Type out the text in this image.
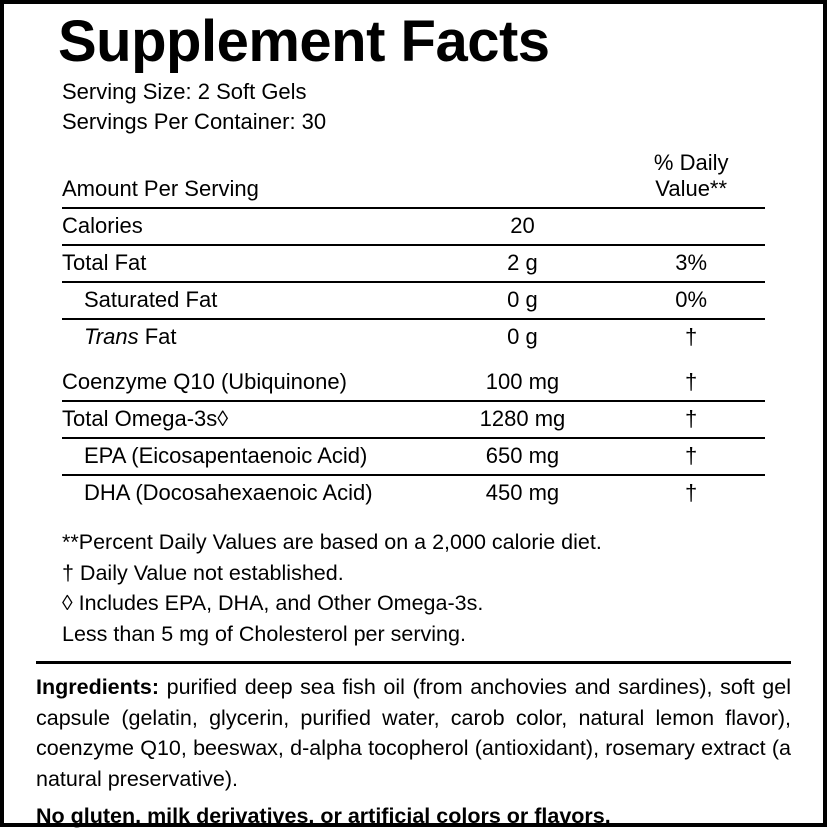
Supplement Facts
Serving Size: 2 Soft Gels
Servings Per Container: 30
Amount Per Serving		% Daily Value**
Calories	20	
Total Fat	2 g	3%
Saturated Fat	0 g	0%
Trans Fat	0 g	†
Coenzyme Q10 (Ubiquinone)	100 mg	†
Total Omega-3s◊	1280 mg	†
EPA (Eicosapentaenoic Acid)	650 mg	†
DHA (Docosahexaenoic Acid)	450 mg	†
**Percent Daily Values are based on a 2,000 calorie diet.
† Daily Value not established.
◊ Includes EPA, DHA, and Other Omega-3s.
Less than 5 mg of Cholesterol per serving.
Ingredients: purified deep sea fish oil (from anchovies and sardines), soft gel capsule (gelatin, glycerin, purified water, carob color, natural lemon flavor), coenzyme Q10, beeswax, d-alpha tocopherol (antioxidant), rosemary extract (a natural preservative).
No gluten, milk derivatives, or artificial colors or flavors.
